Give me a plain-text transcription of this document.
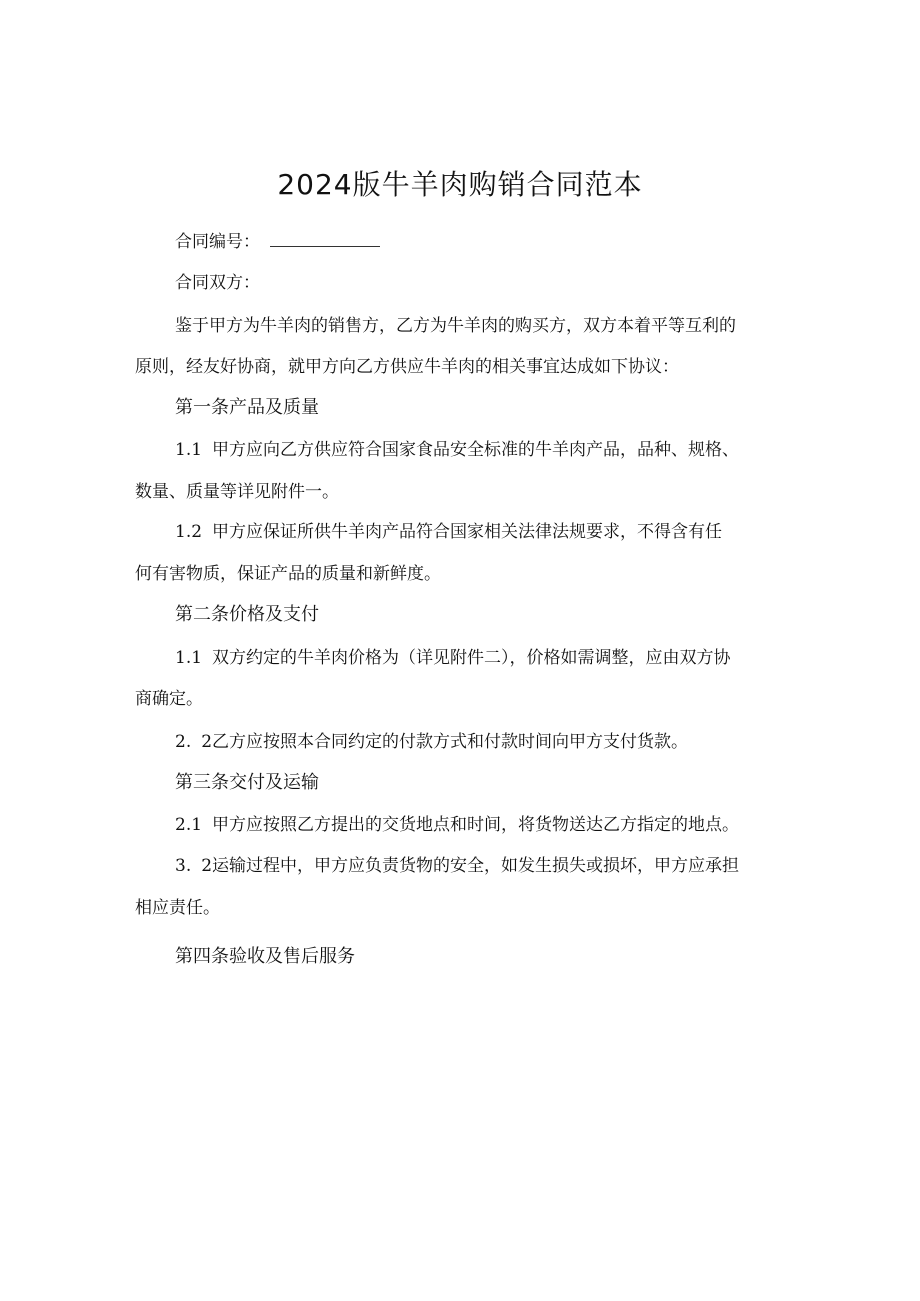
2024版牛羊肉购销合同范本
合同编号：
合同双方：
鉴于甲方为牛羊肉的销售方，乙方为牛羊肉的购买方，双方本着平等互利的
原则，经友好协商，就甲方向乙方供应牛羊肉的相关事宜达成如下协议：
第一条产品及质量
1.1 甲方应向乙方供应符合国家食品安全标准的牛羊肉产品，品种、规格、
数量、质量等详见附件一。
1.2 甲方应保证所供牛羊肉产品符合国家相关法律法规要求，不得含有任
何有害物质，保证产品的质量和新鲜度。
第二条价格及支付
1.1 双方约定的牛羊肉价格为（详见附件二），价格如需调整，应由双方协
商确定。
2. 2乙方应按照本合同约定的付款方式和付款时间向甲方支付货款。
第三条交付及运输
2.1 甲方应按照乙方提出的交货地点和时间，将货物送达乙方指定的地点。
3. 2运输过程中，甲方应负责货物的安全，如发生损失或损坏，甲方应承担
相应责任。
第四条验收及售后服务
